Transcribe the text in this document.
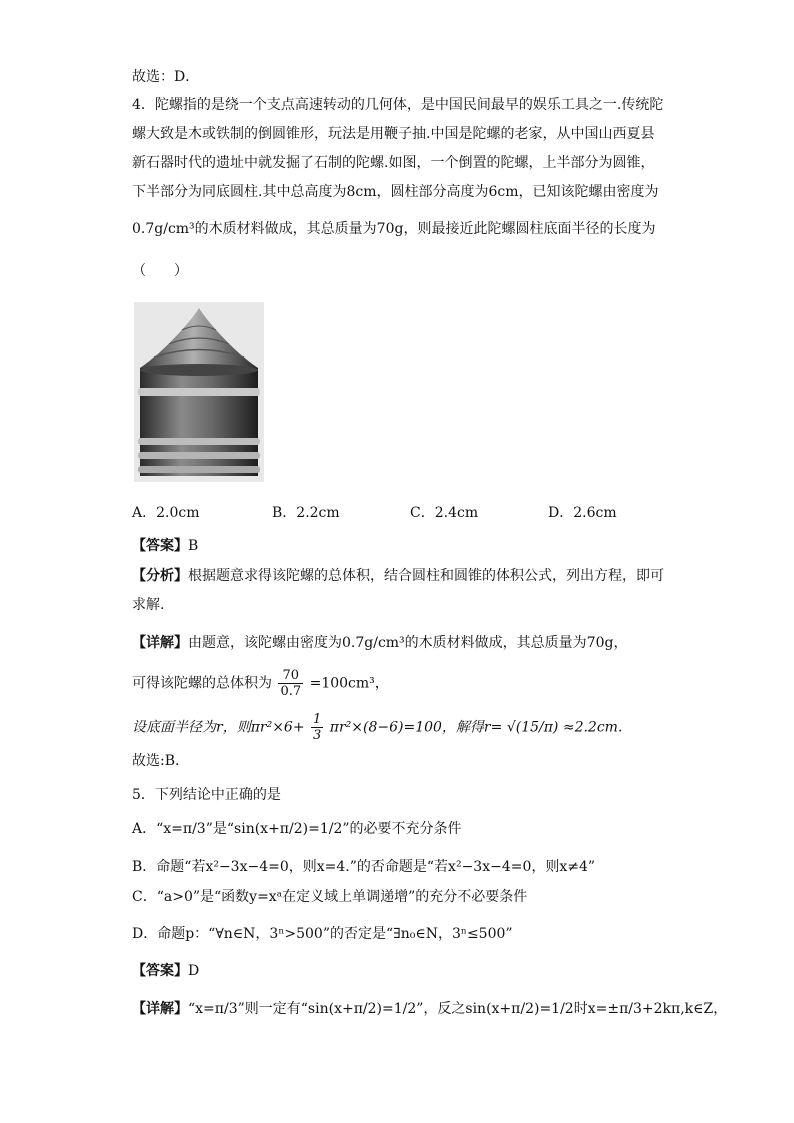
故选：D．
4．陀螺指的是绕一个支点高速转动的几何体，是中国民间最早的娱乐工具之一.传统陀
螺大致是木或铁制的倒圆锥形，玩法是用鞭子抽.中国是陀螺的老家，从中国山西夏县
新石器时代的遗址中就发掘了石制的陀螺.如图，一个倒置的陀螺，上半部分为圆锥，
下半部分为同底圆柱.其中总高度为8cm，圆柱部分高度为6cm，已知该陀螺由密度为
0.7g/cm³的木质材料做成，其总质量为70g，则最接近此陀螺圆柱底面半径的长度为
（　　）
A．2.0cm	B．2.2cm	C．2.4cm	D．2.6cm
【答案】B
【分析】根据题意求得该陀螺的总体积，结合圆柱和圆锥的体积公式，列出方程，即可
求解.
【详解】由题意，该陀螺由密度为0.7g/cm³的木质材料做成，其总质量为70g，
可得该陀螺的总体积为 $\frac{70}{0.7} =100cm^3$，
设底面半径为r，则$\pi r^2\times 6+ \frac{1}{3} \pi r^2\times(8-6)=100$，解得r= √(15/π) ≈2.2cm.
故选:B.
5．下列结论中正确的是
A．“x=π/3”是“sin(x+π/2)=1/2”的必要不充分条件
B．命题“若x²−3x−4=0，则x=4.”的否命题是“若x²−3x−4=0，则x≠4”
C．“a>0”是“函数y=xᵃ在定义域上单调递增”的充分不必要条件
D．命题p：“∀n∈N，3ⁿ>500”的否定是“∃n₀∈N，3ⁿ≤500”
【答案】D
【详解】“x=π/3”则一定有“sin(x+π/2)=1/2”，反之sin(x+π/2)=1/2时x=±π/3+2kπ,k∈Z，
